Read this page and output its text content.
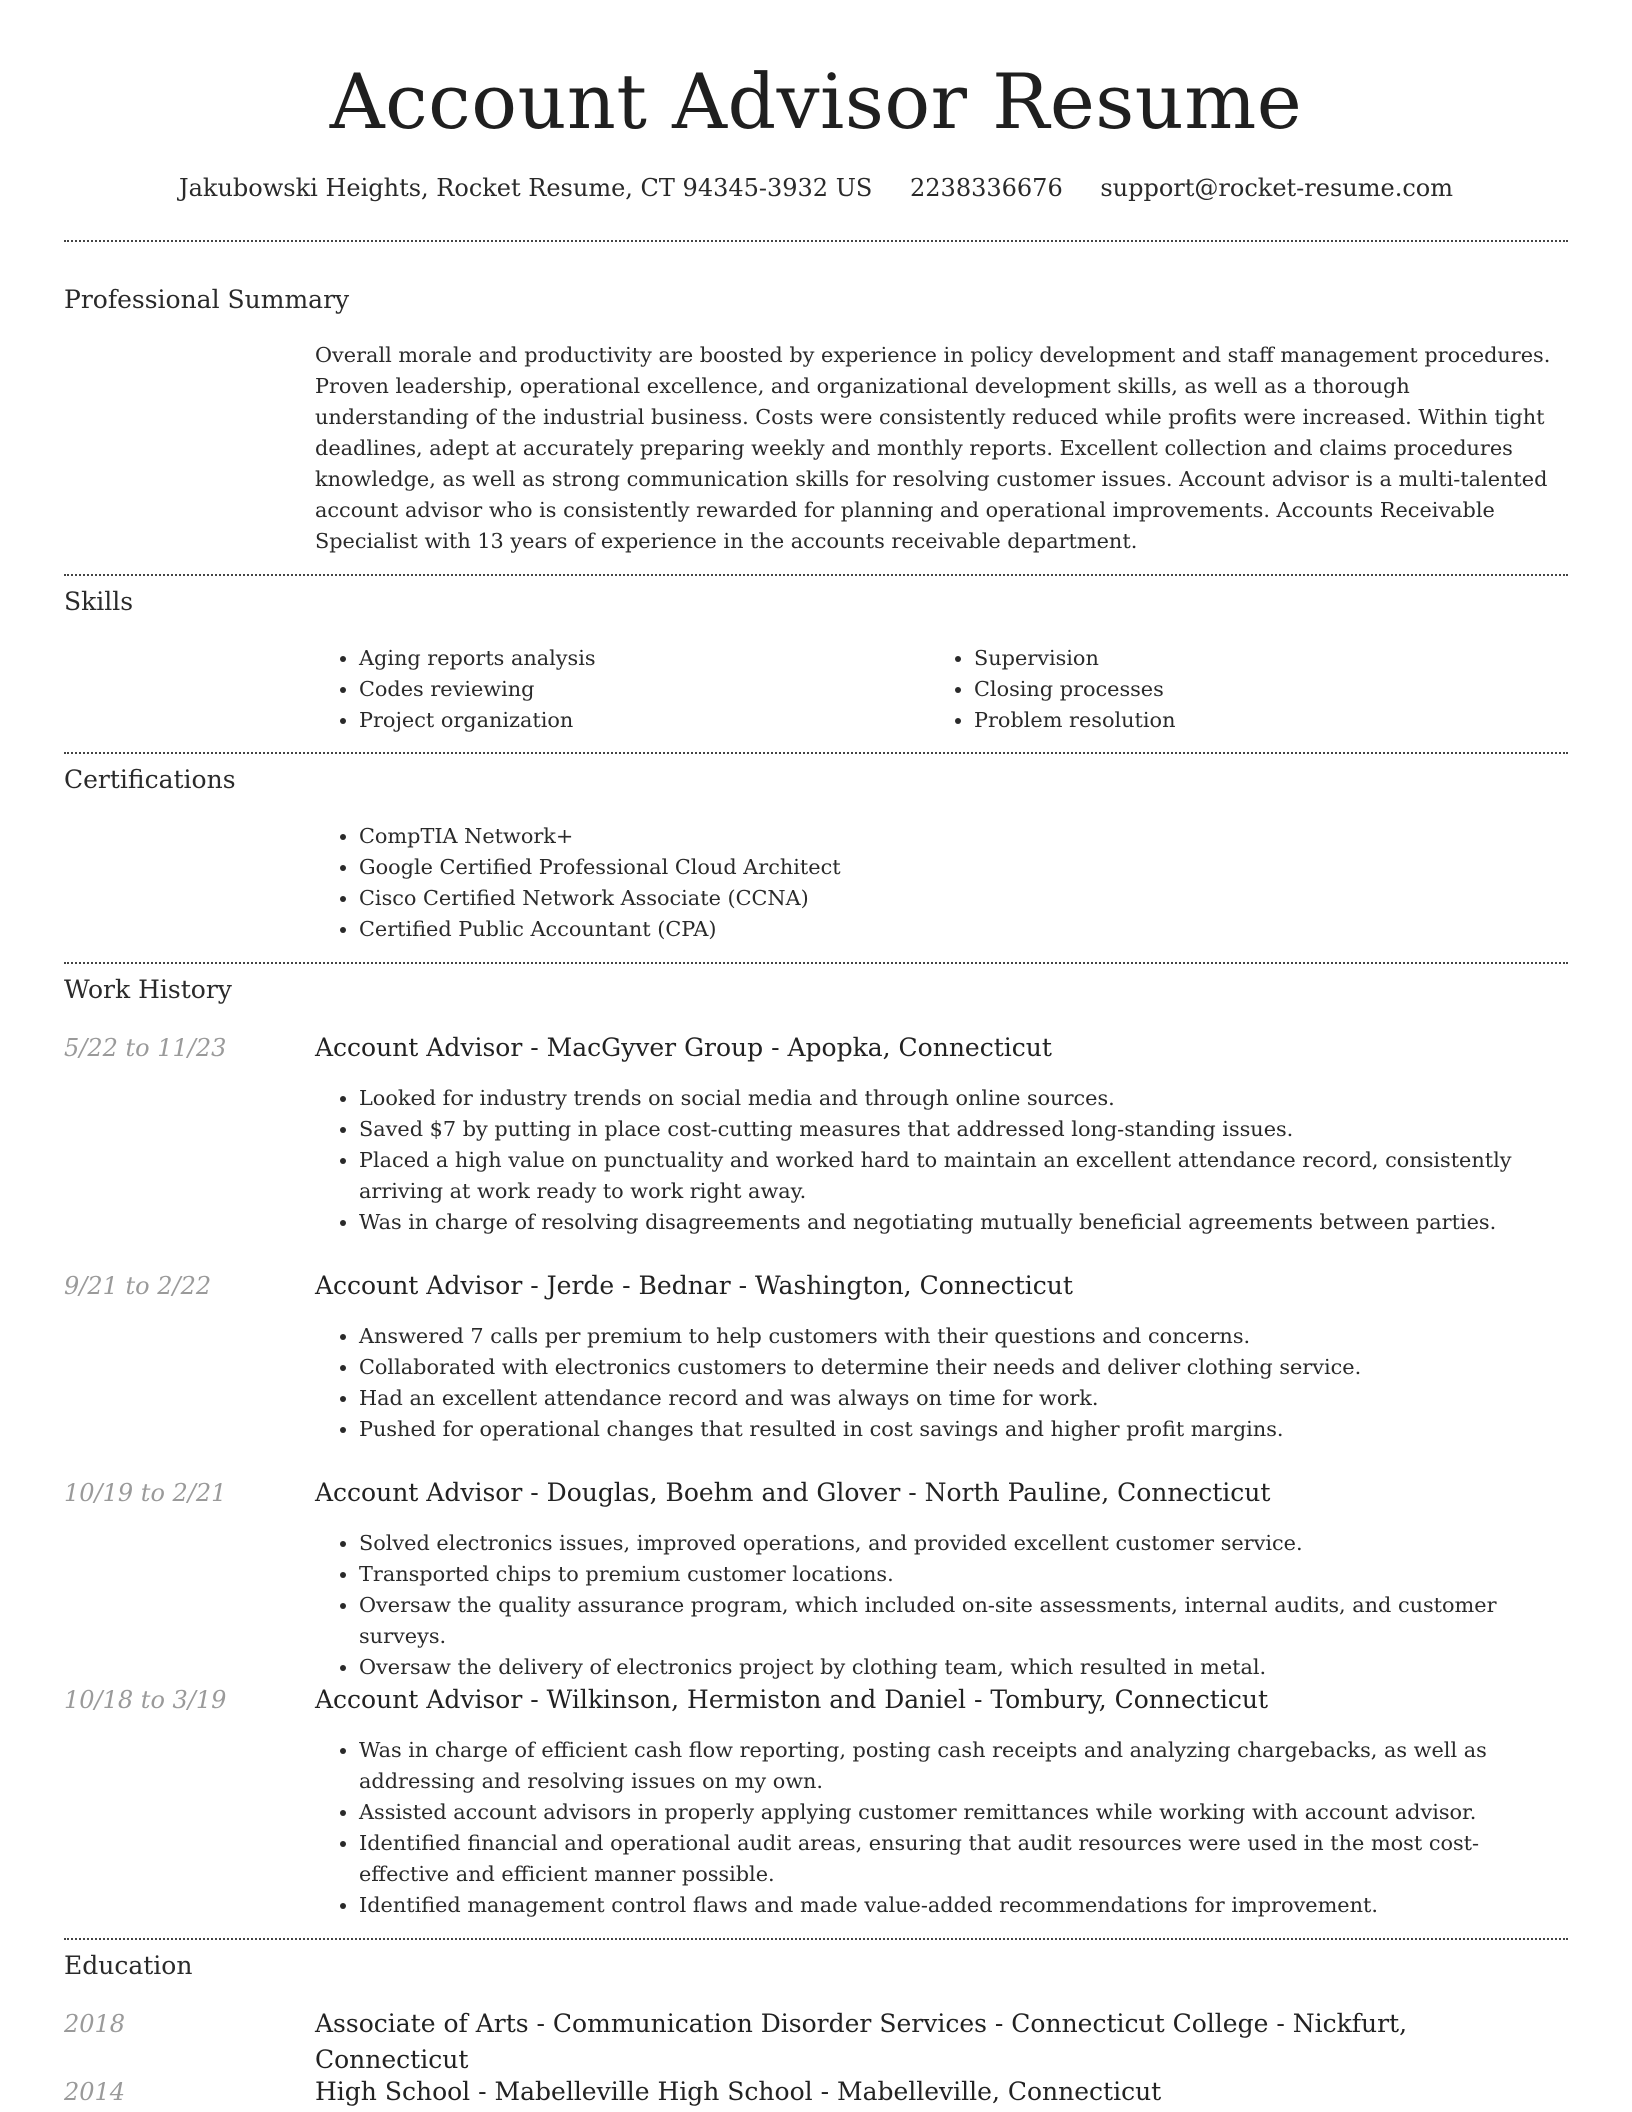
Account Advisor Resume
Jakubowski Heights, Rocket Resume, CT 94345-3932 US 2238336676 support@rocket-resume.com
Professional Summary
Overall morale and productivity are boosted by experience in policy development and staff management procedures. Proven leadership, operational excellence, and organizational development skills, as well as a thorough understanding of the industrial business. Costs were consistently reduced while profits were increased. Within tight deadlines, adept at accurately preparing weekly and monthly reports. Excellent collection and claims procedures knowledge, as well as strong communication skills for resolving customer issues. Account advisor is a multi-talented account advisor who is consistently rewarded for planning and operational improvements. Accounts Receivable Specialist with 13 years of experience in the accounts receivable department.
Skills
• Aging reports analysis
• Codes reviewing
• Project organization
• Supervision
• Closing processes
• Problem resolution
Certifications
• CompTIA Network+
• Google Certified Professional Cloud Architect
• Cisco Certified Network Associate (CCNA)
• Certified Public Accountant (CPA)
Work History
5/22 to 11/23	Account Advisor - MacGyver Group - Apopka, Connecticut
• Looked for industry trends on social media and through online sources.
• Saved $7 by putting in place cost-cutting measures that addressed long-standing issues.
• Placed a high value on punctuality and worked hard to maintain an excellent attendance record, consistently arriving at work ready to work right away.
• Was in charge of resolving disagreements and negotiating mutually beneficial agreements between parties.
9/21 to 2/22	Account Advisor - Jerde - Bednar - Washington, Connecticut
• Answered 7 calls per premium to help customers with their questions and concerns.
• Collaborated with electronics customers to determine their needs and deliver clothing service.
• Had an excellent attendance record and was always on time for work.
• Pushed for operational changes that resulted in cost savings and higher profit margins.
10/19 to 2/21	Account Advisor - Douglas, Boehm and Glover - North Pauline, Connecticut
• Solved electronics issues, improved operations, and provided excellent customer service.
• Transported chips to premium customer locations.
• Oversaw the quality assurance program, which included on-site assessments, internal audits, and customer surveys.
• Oversaw the delivery of electronics project by clothing team, which resulted in metal.
10/18 to 3/19	Account Advisor - Wilkinson, Hermiston and Daniel - Tombury, Connecticut
• Was in charge of efficient cash flow reporting, posting cash receipts and analyzing chargebacks, as well as addressing and resolving issues on my own.
• Assisted account advisors in properly applying customer remittances while working with account advisor.
• Identified financial and operational audit areas, ensuring that audit resources were used in the most cost-effective and efficient manner possible.
• Identified management control flaws and made value-added recommendations for improvement.
Education
2018	Associate of Arts - Communication Disorder Services - Connecticut College - Nickfurt, Connecticut
2014	High School - Mabelleville High School - Mabelleville, Connecticut
